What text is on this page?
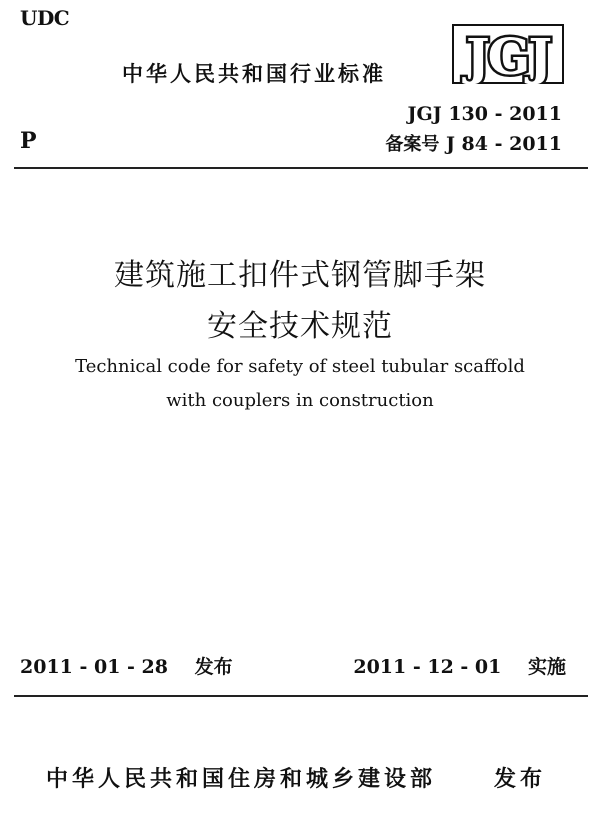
UDC
中华人民共和国行业标准 JGJ
JGJ 130 - 2011
备案号 J 84 - 2011
P
建筑施工扣件式钢管脚手架
安全技术规范
Technical code for safety of steel tubular scaffold
with couplers in construction
2011 - 01 - 28 发布	2011 - 12 - 01 实施
中华人民共和国住房和城乡建设部	发布
